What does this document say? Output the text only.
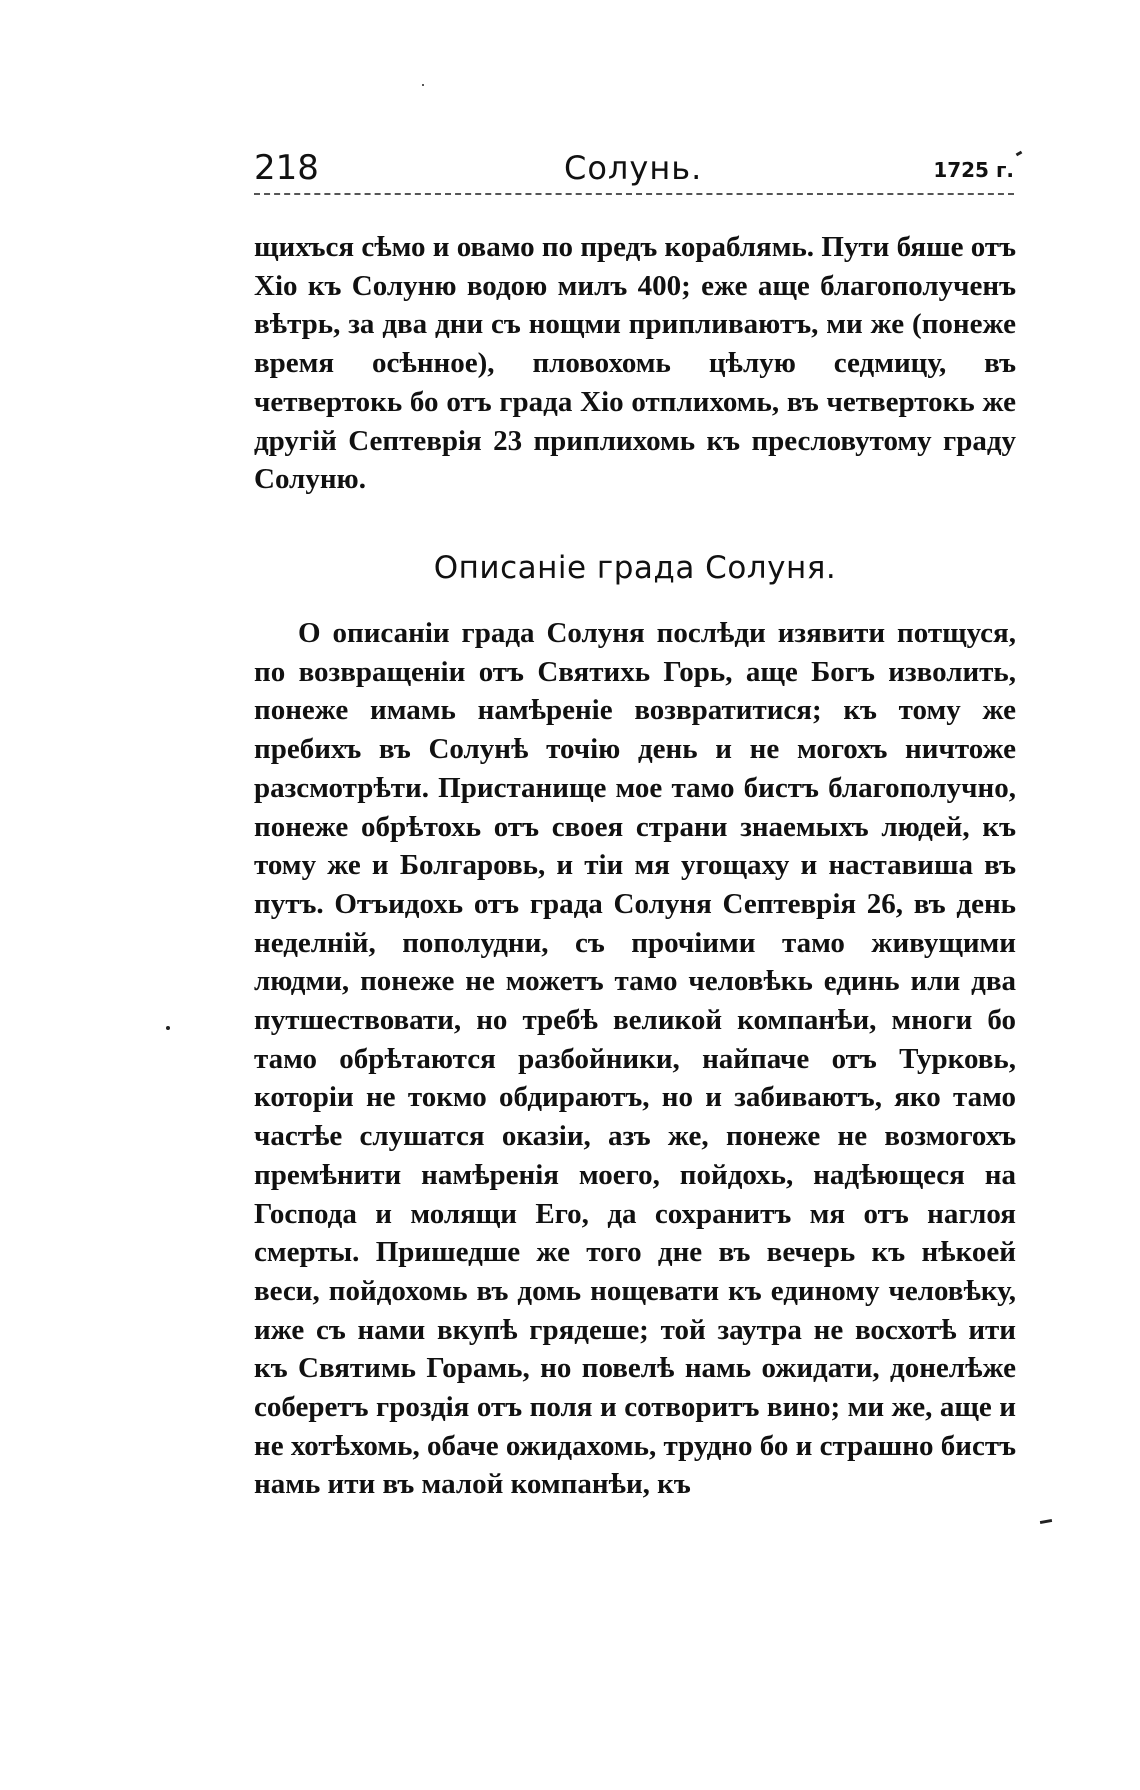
218	Солунь.	1725 г.

щихъся сѣмо и овамо по предъ кораблямь. Пути бяше отъ Хіо къ Солуню водою милъ 400; еже аще благополученъ вѣтрь, за два дни съ нощми припливаютъ, ми же (понеже время осѣнное), пловохомь цѣлую седмицу, въ четвертокь бо отъ града Хіо отплихомь, въ четвертокь же другій Септеврія 23 приплихомь къ пресловутому граду Солуню.

Описаніе града Солуня.

О описаніи града Солуня послѣди изявити потщуся, по возвращеніи отъ Святихь Горь, аще Богъ изволить, понеже имамь намѣреніе возвратитися; къ тому же пребихъ въ Солунѣ точію день и не могохъ ничтоже разсмотрѣти. Пристанище мое тамо бистъ благополучно, понеже обрѣтохь отъ своея страни знаемыхъ людей, къ тому же и Болгаровь, и тіи мя угощаху и наставиша въ путъ. Отъидохь отъ града Солуня Септеврія 26, въ день неделній, пополудни, съ прочіими тамо живущими людми, понеже не можетъ тамо человѣкь единь или два путшествовати, но требѣ великой компанѣи, многи бо тамо обрѣтаются разбойники, найпаче отъ Турковь, которіи не токмо обдираютъ, но и забиваютъ, яко тамо частѣе слушатся оказіи, азъ же, понеже не возмогохъ премѣнити намѣренія моего, пойдохь, надѣющеся на Господа и молящи Его, да сохранитъ мя отъ наглоя смерты. Пришедше же того дне въ вечерь къ нѣкоей веси, пойдохомь въ домь нощевати къ единому человѣку, иже съ нами вкупѣ грядеше; той заутра не восхотѣ ити къ Святимь Горамь, но повелѣ намь ожидати, донелѣже соберетъ гроздія отъ поля и сотворитъ вино; ми же, аще и не хотѣхомь, обаче ожидахомь, трудно бо и страшно бистъ намь ити въ малой компанѣи, къ
